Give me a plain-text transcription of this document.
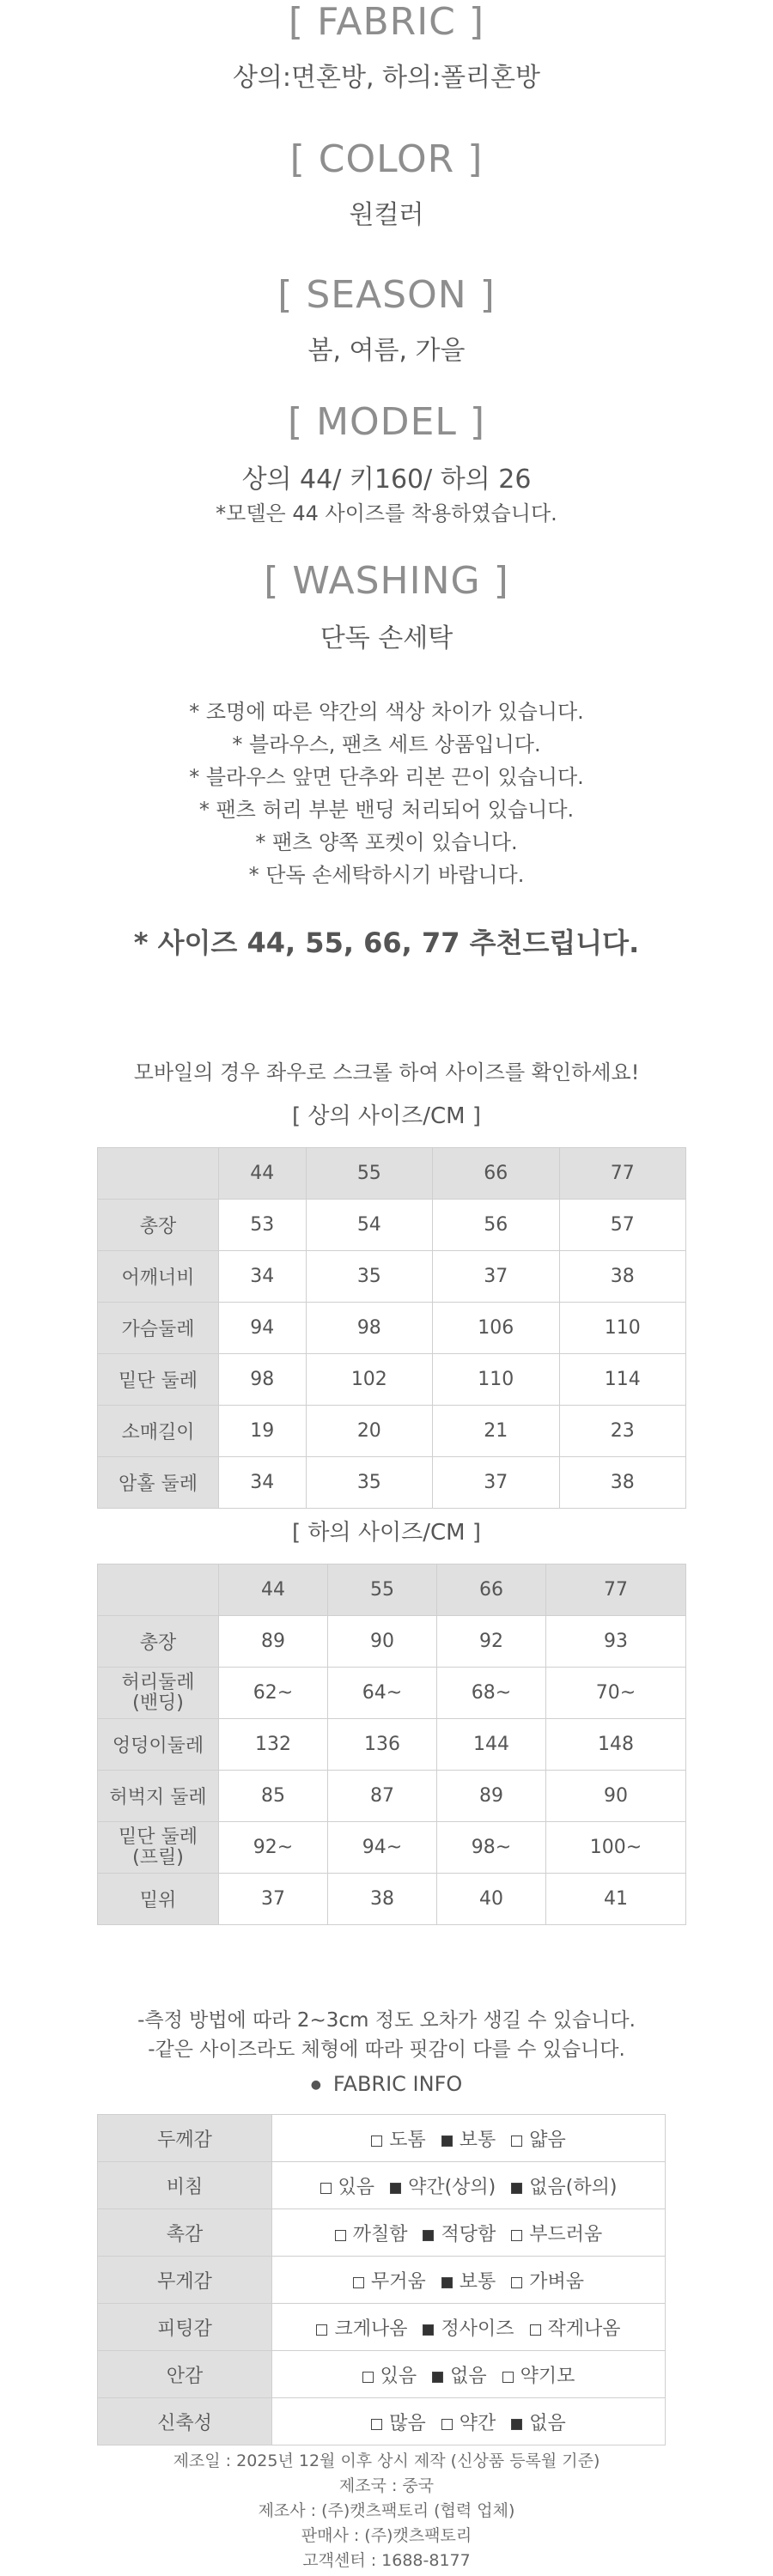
[ FABRIC ]
상의:면혼방, 하의:폴리혼방
[ COLOR ]
원컬러
[ SEASON ]
봄, 여름, 가을
[ MODEL ]
상의 44/ 키160/ 하의 26
*모델은 44 사이즈를 착용하였습니다.
[ WASHING ]
단독 손세탁
* 조명에 따른 약간의 색상 차이가 있습니다.
* 블라우스, 팬츠 세트 상품입니다.
* 블라우스 앞면 단추와 리본 끈이 있습니다.
* 팬츠 허리 부분 밴딩 처리되어 있습니다.
* 팬츠 양쪽 포켓이 있습니다.
* 단독 손세탁하시기 바랍니다.
* 사이즈 44, 55, 66, 77 추천드립니다.
모바일의 경우 좌우로 스크롤 하여 사이즈를 확인하세요!
[ 상의 사이즈/CM ]
	44	55	66	77
총장	53	54	56	57
어깨너비	34	35	37	38
가슴둘레	94	98	106	110
밑단 둘레	98	102	110	114
소매길이	19	20	21	23
암홀 둘레	34	35	37	38
[ 하의 사이즈/CM ]
	44	55	66	77
총장	89	90	92	93
허리둘레
(밴딩)	62~	64~	68~	70~
엉덩이둘레	132	136	144	148
허벅지 둘레	85	87	89	90
밑단 둘레
(프릴)	92~	94~	98~	100~
밑위	37	38	40	41
-측정 방법에 따라 2~3cm 정도 오차가 생길 수 있습니다.
-같은 사이즈라도 체형에 따라 핏감이 다를 수 있습니다.
● FABRIC INFO
두께감	도톰 보통 얇음
비침	있음 약간(상의) 없음(하의)
촉감	까칠함 적당함 부드러움
무게감	무거움 보통 가벼움
피팅감	크게나옴 정사이즈 작게나옴
안감	있음 없음 약기모
신축성	많음 약간 없음
제조일 : 2025년 12월 이후 상시 제작 (신상품 등록월 기준)
제조국 : 중국
제조사 : (주)캣츠팩토리 (협력 업체)
판매사 : (주)캣츠팩토리
고객센터 : 1688-8177
